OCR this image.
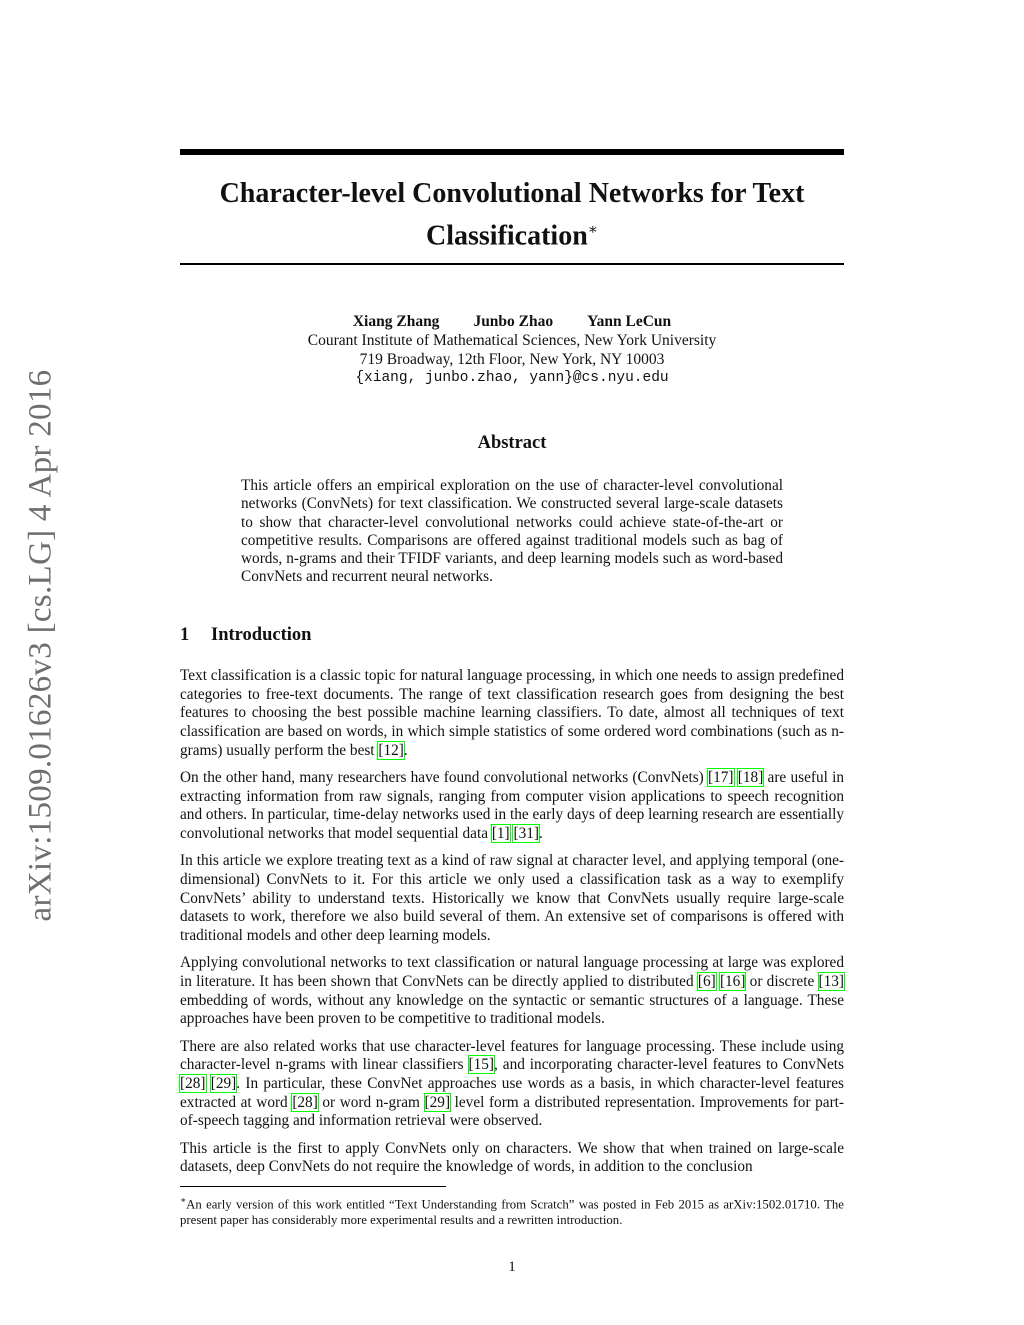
arXiv:1509.01626v3 [cs.LG] 4 Apr 2016
Character-level Convolutional Networks for Text
Classification∗
Xiang Zhang Junbo Zhao Yann LeCun
Courant Institute of Mathematical Sciences, New York University
719 Broadway, 12th Floor, New York, NY 10003
{xiang, junbo.zhao, yann}@cs.nyu.edu
Abstract
This article offers an empirical exploration on the use of character-level convolutional networks (ConvNets) for text classification. We constructed several large-scale datasets to show that character-level convolutional networks could achieve state-of-the-art or competitive results. Comparisons are offered against traditional models such as bag of words, n-grams and their TFIDF variants, and deep learning models such as word-based ConvNets and recurrent neural networks.
1 Introduction

Text classification is a classic topic for natural language processing, in which one needs to assign predefined categories to free-text documents. The range of text classification research goes from designing the best features to choosing the best possible machine learning classifiers. To date, almost all techniques of text classification are based on words, in which simple statistics of some ordered word combinations (such as n-grams) usually perform the best [12].

On the other hand, many researchers have found convolutional networks (ConvNets) [17] [18] are useful in extracting information from raw signals, ranging from computer vision applications to speech recognition and others. In particular, time-delay networks used in the early days of deep learning research are essentially convolutional networks that model sequential data [1] [31].

In this article we explore treating text as a kind of raw signal at character level, and applying temporal (one-dimensional) ConvNets to it. For this article we only used a classification task as a way to exemplify ConvNets’ ability to understand texts. Historically we know that ConvNets usually require large-scale datasets to work, therefore we also build several of them. An extensive set of comparisons is offered with traditional models and other deep learning models.

Applying convolutional networks to text classification or natural language processing at large was explored in literature. It has been shown that ConvNets can be directly applied to distributed [6] [16] or discrete [13] embedding of words, without any knowledge on the syntactic or semantic structures of a language. These approaches have been proven to be competitive to traditional models.

There are also related works that use character-level features for language processing. These include using character-level n-grams with linear classifiers [15], and incorporating character-level features to ConvNets [28] [29]. In particular, these ConvNet approaches use words as a basis, in which character-level features extracted at word [28] or word n-gram [29] level form a distributed representation. Improvements for part-of-speech tagging and information retrieval were observed.

This article is the first to apply ConvNets only on characters. We show that when trained on large-scale datasets, deep ConvNets do not require the knowledge of words, in addition to the conclusion

∗An early version of this work entitled “Text Understanding from Scratch” was posted in Feb 2015 as arXiv:1502.01710. The present paper has considerably more experimental results and a rewritten introduction.
1
